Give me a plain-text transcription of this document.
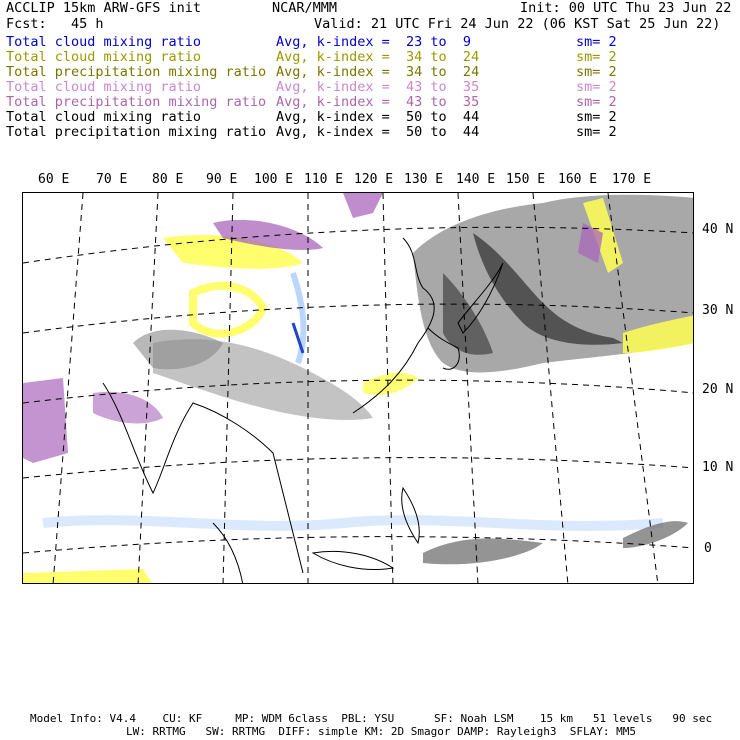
ACCLIP 15km ARW-GFS init	NCAR/MMM	Init: 00 UTC Thu 23 Jun 22
Fcst:   45 h	Valid: 21 UTC Fri 24 Jun 22 (06 KST Sat 25 Jun 22)
Total cloud mixing ratio	Avg, k-index =  23 to  9	sm= 2
Total cloud mixing ratio	Avg, k-index =  34 to  24	sm= 2
Total precipitation mixing ratio Avg, k-index =  34 to  24	sm= 2
Total cloud mixing ratio	Avg, k-index =  43 to  35	sm= 2
Total precipitation mixing ratio Avg, k-index =  43 to  35	sm= 2
Total cloud mixing ratio	Avg, k-index =  50 to  44	sm= 2
Total precipitation mixing ratio Avg, k-index =  50 to  44	sm= 2
60 E 70 E 80 E 90 E 100 E 110 E 120 E 130 E 140 E 150 E 160 E 170 E
40 N
30 N
20 N
10 N
0
Model Info: V4.4    CU: KF     MP: WDM 6class  PBL: YSU      SF: Noah LSM    15 km   51 levels   90 sec
LW: RRTMG   SW: RRTMG  DIFF: simple KM: 2D Smagor DAMP: Rayleigh3  SFLAY: MM5
